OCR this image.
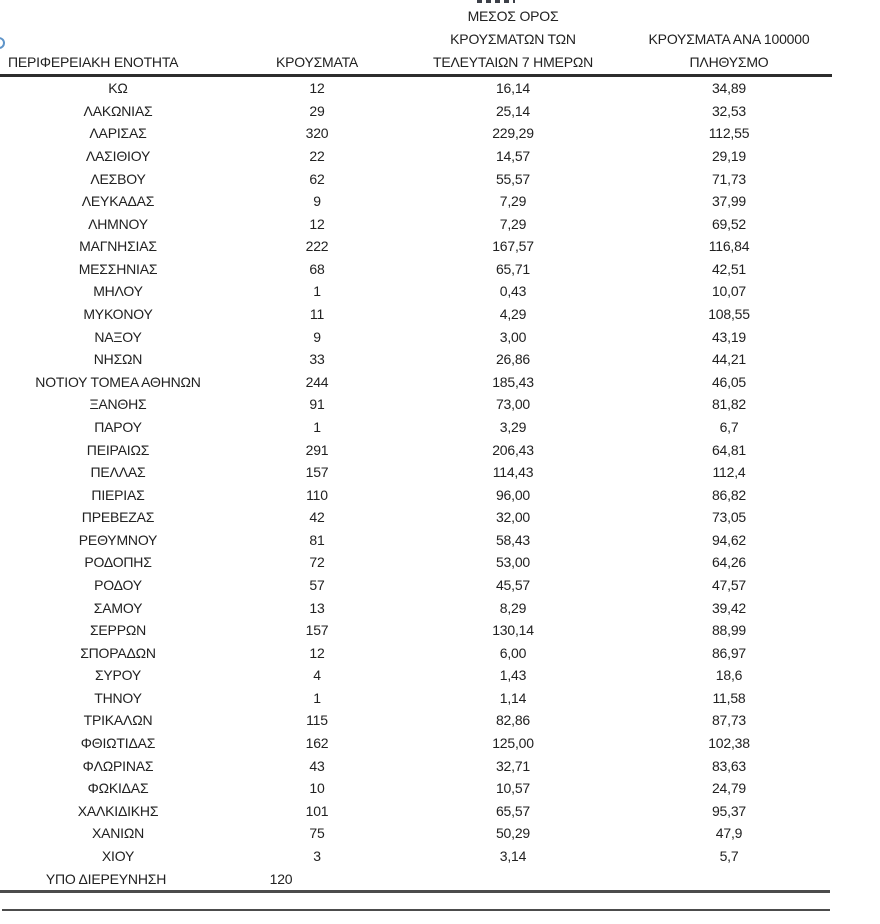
ΠΕΡΙΦΕΡΕΙΑΚΗ ΕΝΟΤΗΤΑ	ΚΡΟΥΣΜΑΤΑ
ΜΕΣΟΣ ΟΡΟΣ
ΚΡΟΥΣΜΑΤΩΝ ΤΩΝ
ΤΕΛΕΥΤΑΙΩΝ 7 ΗΜΕΡΩΝ
ΚΡΟΥΣΜΑΤΑ ΑΝΑ 100000
ΠΛΗΘΥΣΜΟ
ΚΩ	12	16,14	34,89
ΛΑΚΩΝΙΑΣ	29	25,14	32,53
ΛΑΡΙΣΑΣ	320	229,29	112,55
ΛΑΣΙΘΙΟΥ	22	14,57	29,19
ΛΕΣΒΟΥ	62	55,57	71,73
ΛΕΥΚΑΔΑΣ	9	7,29	37,99
ΛΗΜΝΟΥ	12	7,29	69,52
ΜΑΓΝΗΣΙΑΣ	222	167,57	116,84
ΜΕΣΣΗΝΙΑΣ	68	65,71	42,51
ΜΗΛΟΥ	1	0,43	10,07
ΜΥΚΟΝΟΥ	11	4,29	108,55
ΝΑΞΟΥ	9	3,00	43,19
ΝΗΣΩΝ	33	26,86	44,21
ΝΟΤΙΟΥ ΤΟΜΕΑ ΑΘΗΝΩΝ	244	185,43	46,05
ΞΑΝΘΗΣ	91	73,00	81,82
ΠΑΡΟΥ	1	3,29	6,7
ΠΕΙΡΑΙΩΣ	291	206,43	64,81
ΠΕΛΛΑΣ	157	114,43	112,4
ΠΙΕΡΙΑΣ	110	96,00	86,82
ΠΡΕΒΕΖΑΣ	42	32,00	73,05
ΡΕΘΥΜΝΟΥ	81	58,43	94,62
ΡΟΔΟΠΗΣ	72	53,00	64,26
ΡΟΔΟΥ	57	45,57	47,57
ΣΑΜΟΥ	13	8,29	39,42
ΣΕΡΡΩΝ	157	130,14	88,99
ΣΠΟΡΑΔΩΝ	12	6,00	86,97
ΣΥΡΟΥ	4	1,43	18,6
ΤΗΝΟΥ	1	1,14	11,58
ΤΡΙΚΑΛΩΝ	115	82,86	87,73
ΦΘΙΩΤΙΔΑΣ	162	125,00	102,38
ΦΛΩΡΙΝΑΣ	43	32,71	83,63
ΦΩΚΙΔΑΣ	10	10,57	24,79
ΧΑΛΚΙΔΙΚΗΣ	101	65,57	95,37
ΧΑΝΙΩΝ	75	50,29	47,9
ΧΙΟΥ	3	3,14	5,7
ΥΠΟ ΔΙΕΡΕΥΝΗΣΗ	120
